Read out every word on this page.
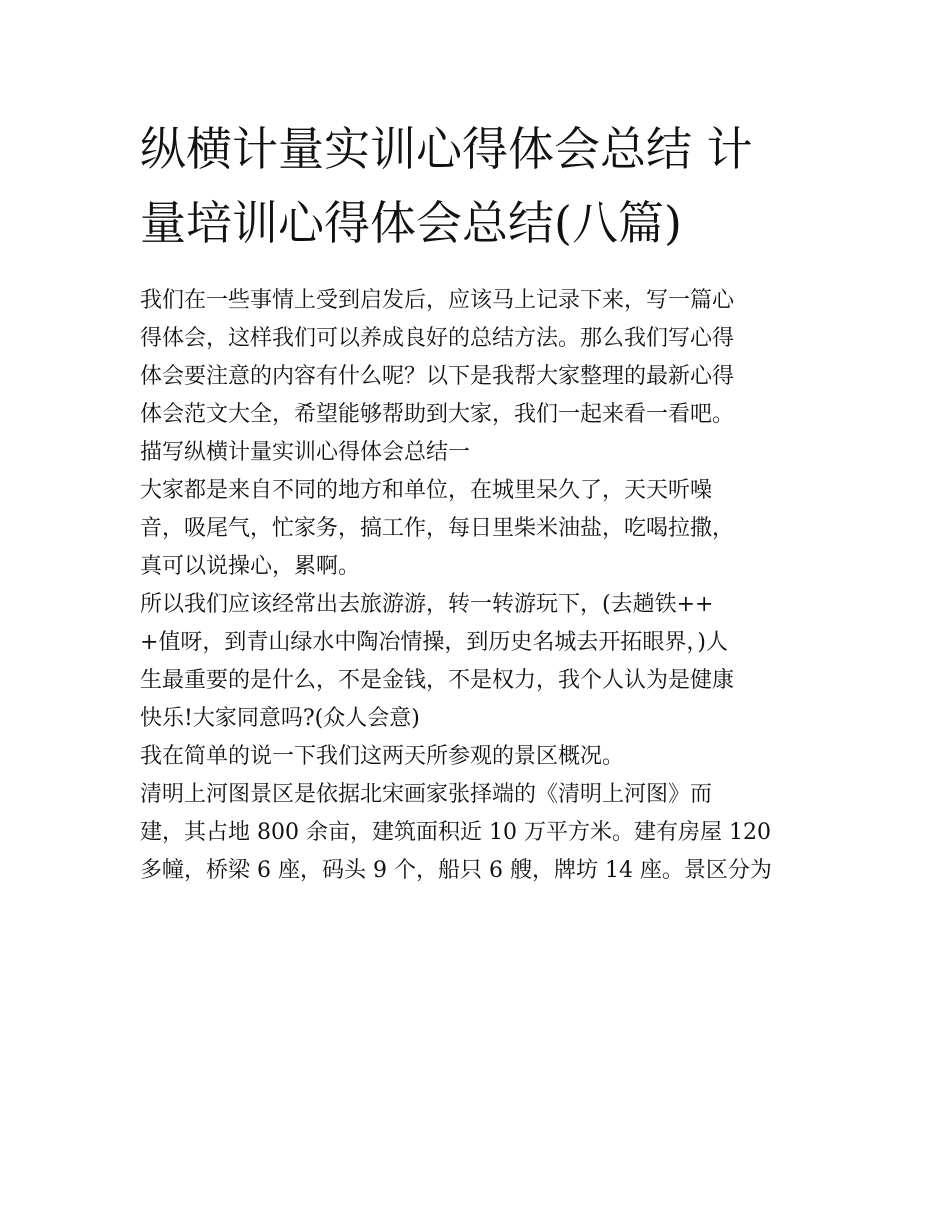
纵横计量实训心得体会总结 计
量培训心得体会总结(八篇)
我们在一些事情上受到启发后，应该马上记录下来，写一篇心
得体会，这样我们可以养成良好的总结方法。那么我们写心得
体会要注意的内容有什么呢？以下是我帮大家整理的最新心得
体会范文大全，希望能够帮助到大家，我们一起来看一看吧。
描写纵横计量实训心得体会总结一
大家都是来自不同的地方和单位，在城里呆久了，天天听噪
音，吸尾气，忙家务，搞工作，每日里柴米油盐，吃喝拉撒，
真可以说操心，累啊。
所以我们应该经常出去旅游游，转一转游玩下，(去趟铁++
+值呀，到青山绿水中陶冶情操，到历史名城去开拓眼界，)人
生最重要的是什么，不是金钱，不是权力，我个人认为是健康
快乐!大家同意吗?(众人会意)
我在简单的说一下我们这两天所参观的景区概况。
清明上河图景区是依据北宋画家张择端的《清明上河图》而
建，其占地 800 余亩，建筑面积近 10 万平方米。建有房屋 120
多幢，桥梁 6 座，码头 9 个，船只 6 艘，牌坊 14 座。景区分为
